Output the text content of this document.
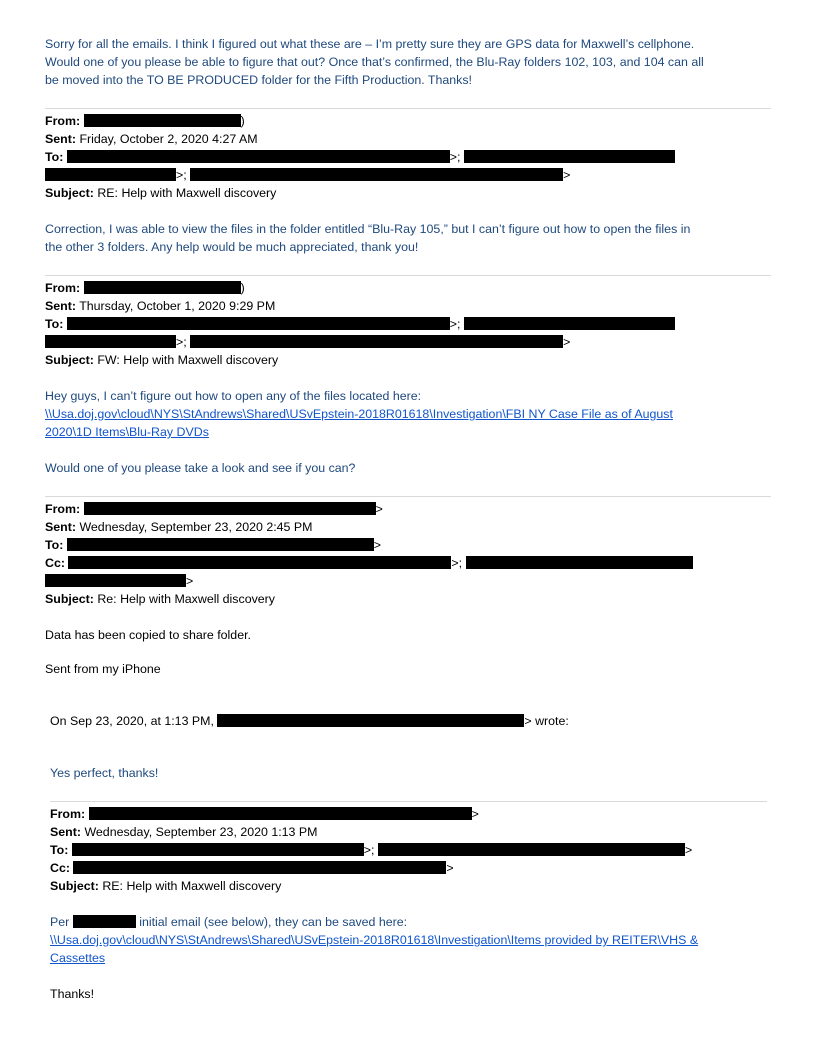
Sorry for all the emails. I think I figured out what these are – I’m pretty sure they are GPS data for Maxwell’s cellphone.
Would one of you please be able to figure that out? Once that’s confirmed, the Blu-Ray folders 102, 103, and 104 can all
be moved into the TO BE PRODUCED folder for the Fifth Production. Thanks!
From:	)
Sent: Friday, October 2, 2020 4:27 AM
To:	>;
>;	>
Subject: RE: Help with Maxwell discovery
Correction, I was able to view the files in the folder entitled “Blu-Ray 105,” but I can’t figure out how to open the files in
the other 3 folders. Any help would be much appreciated, thank you!
From:	)
Sent: Thursday, October 1, 2020 9:29 PM
To:	>;
>;	>
Subject: FW: Help with Maxwell discovery
Hey guys, I can’t figure out how to open any of the files located here:
\\Usa.doj.gov\cloud\NYS\StAndrews\Shared\USvEpstein-2018R01618\Investigation\FBI NY Case File as of August
2020\1D Items\Blu-Ray DVDs
Would one of you please take a look and see if you can?
From:	>
Sent: Wednesday, September 23, 2020 2:45 PM
To:	>
Cc:	>;
>
Subject: Re: Help with Maxwell discovery
Data has been copied to share folder.
Sent from my iPhone
On Sep 23, 2020, at 1:13 PM,	> wrote:
Yes perfect, thanks!
From:	>
Sent: Wednesday, September 23, 2020 1:13 PM
To:	>;	>
Cc:	>
Subject: RE: Help with Maxwell discovery
Per	initial email (see below), they can be saved here:
\\Usa.doj.gov\cloud\NYS\StAndrews\Shared\USvEpstein-2018R01618\Investigation\Items provided by REITER\VHS &
Cassettes
Thanks!
